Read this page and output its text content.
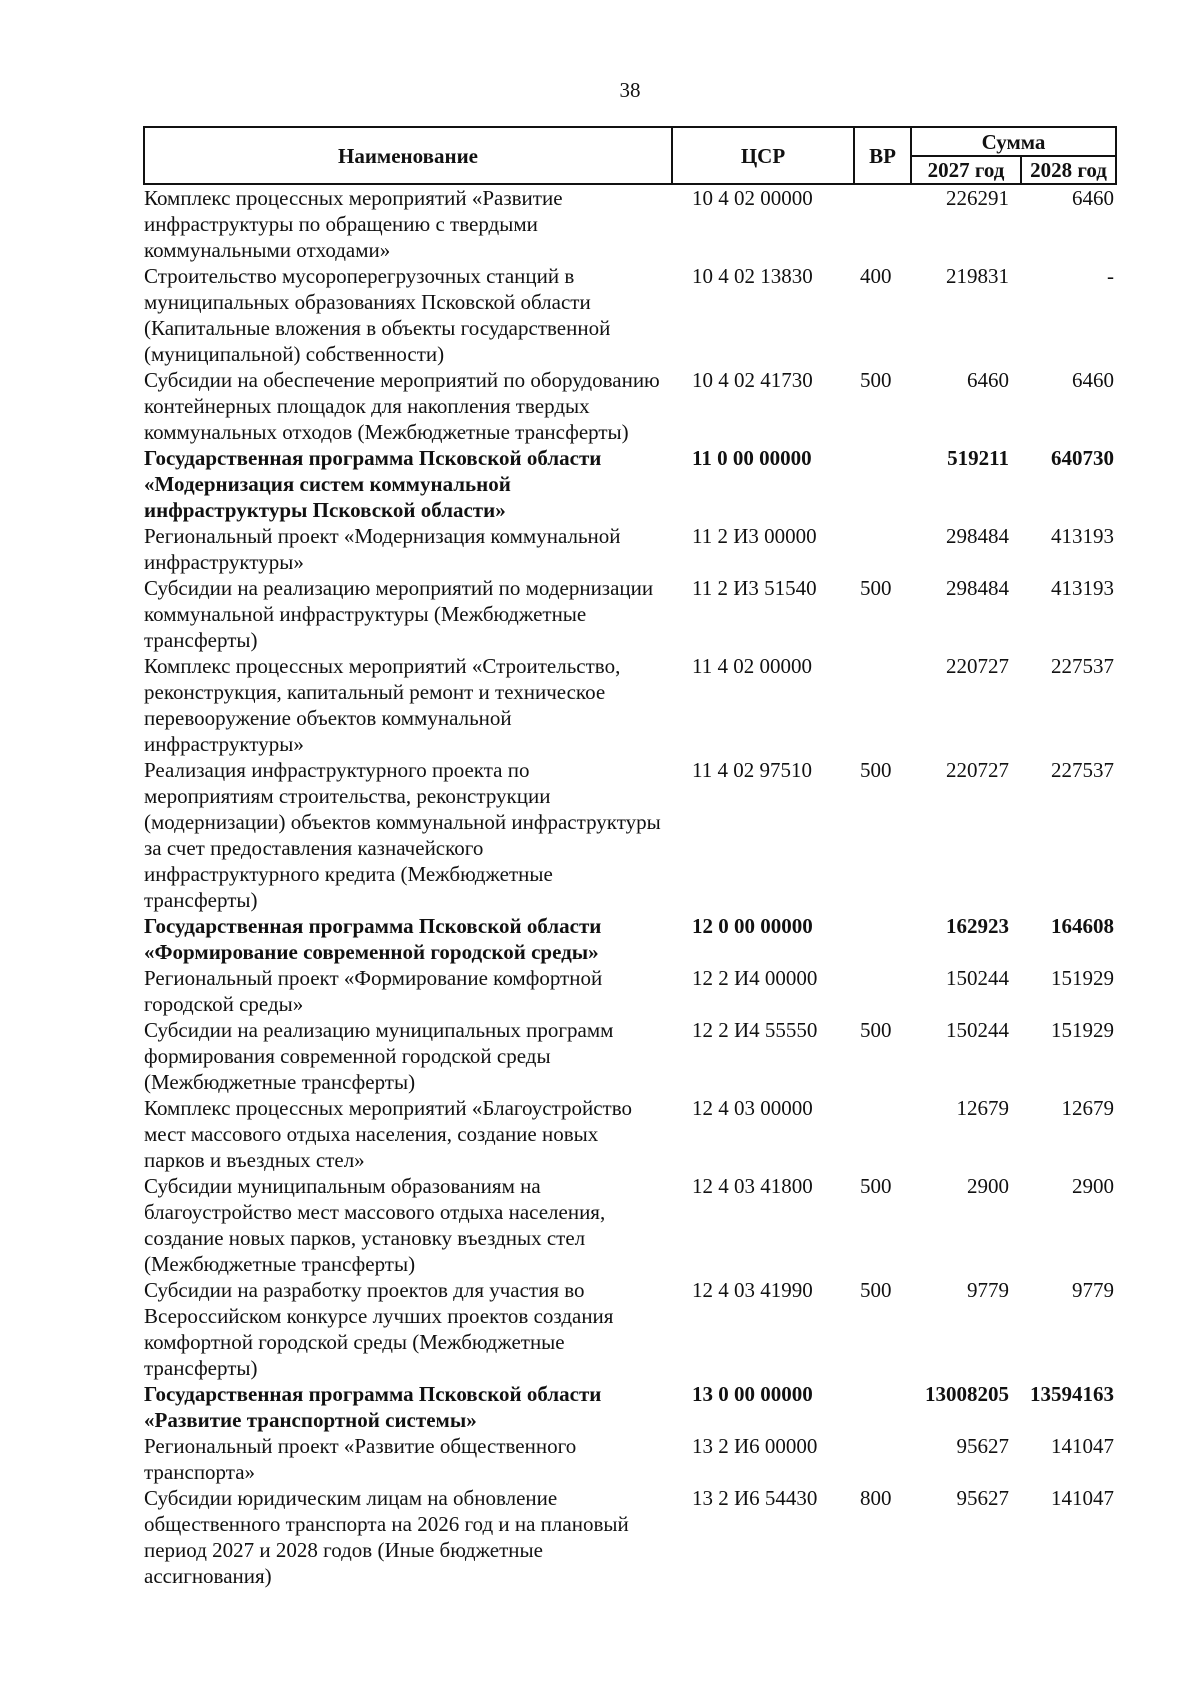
38
Наименование	ЦСР	ВР	Сумма	
			2027 год	2028 год
Комплекс процессных мероприятий «Развитие инфраструктуры по обращению с твердыми коммунальными отходами»	10 4 02 00000		226291	6460
Строительство мусороперегрузочных станций в муниципальных образованиях Псковской области (Капитальные вложения в объекты государственной (муниципальной) собственности)	10 4 02 13830	400	219831	-
Субсидии на обеспечение мероприятий по оборудованию контейнерных площадок для накопления твердых коммунальных отходов (Межбюджетные трансферты)	10 4 02 41730	500	6460	6460
Государственная программа Псковской области «Модернизация систем коммунальной инфраструктуры Псковской области»	11 0 00 00000		519211	640730
Региональный проект «Модернизация коммунальной инфраструктуры»	11 2 И3 00000		298484	413193
Субсидии на реализацию мероприятий по модернизации коммунальной инфраструктуры (Межбюджетные трансферты)	11 2 И3 51540	500	298484	413193
Комплекс процессных мероприятий «Строительство, реконструкция, капитальный ремонт и техническое перевооружение объектов коммунальной инфраструктуры»	11 4 02 00000		220727	227537
Реализация инфраструктурного проекта по мероприятиям строительства, реконструкции (модернизации) объектов коммунальной инфраструктуры за счет предоставления казначейского инфраструктурного кредита (Межбюджетные трансферты)	11 4 02 97510	500	220727	227537
Государственная программа Псковской области «Формирование современной городской среды»	12 0 00 00000		162923	164608
Региональный проект «Формирование комфортной городской среды»	12 2 И4 00000		150244	151929
Субсидии на реализацию муниципальных программ формирования современной городской среды (Межбюджетные трансферты)	12 2 И4 55550	500	150244	151929
Комплекс процессных мероприятий «Благоустройство мест массового отдыха населения, создание новых парков и въездных стел»	12 4 03 00000		12679	12679
Субсидии муниципальным образованиям на благоустройство мест массового отдыха населения, создание новых парков, установку въездных стел (Межбюджетные трансферты)	12 4 03 41800	500	2900	2900
Субсидии на разработку проектов для участия во Всероссийском конкурсе лучших проектов создания комфортной городской среды (Межбюджетные трансферты)	12 4 03 41990	500	9779	9779
Государственная программа Псковской области «Развитие транспортной системы»	13 0 00 00000		13008205	13594163
Региональный проект «Развитие общественного транспорта»	13 2 И6 00000		95627	141047
Субсидии юридическим лицам на обновление общественного транспорта на 2026 год и на плановый период 2027 и 2028 годов (Иные бюджетные ассигнования)	13 2 И6 54430	800	95627	141047
